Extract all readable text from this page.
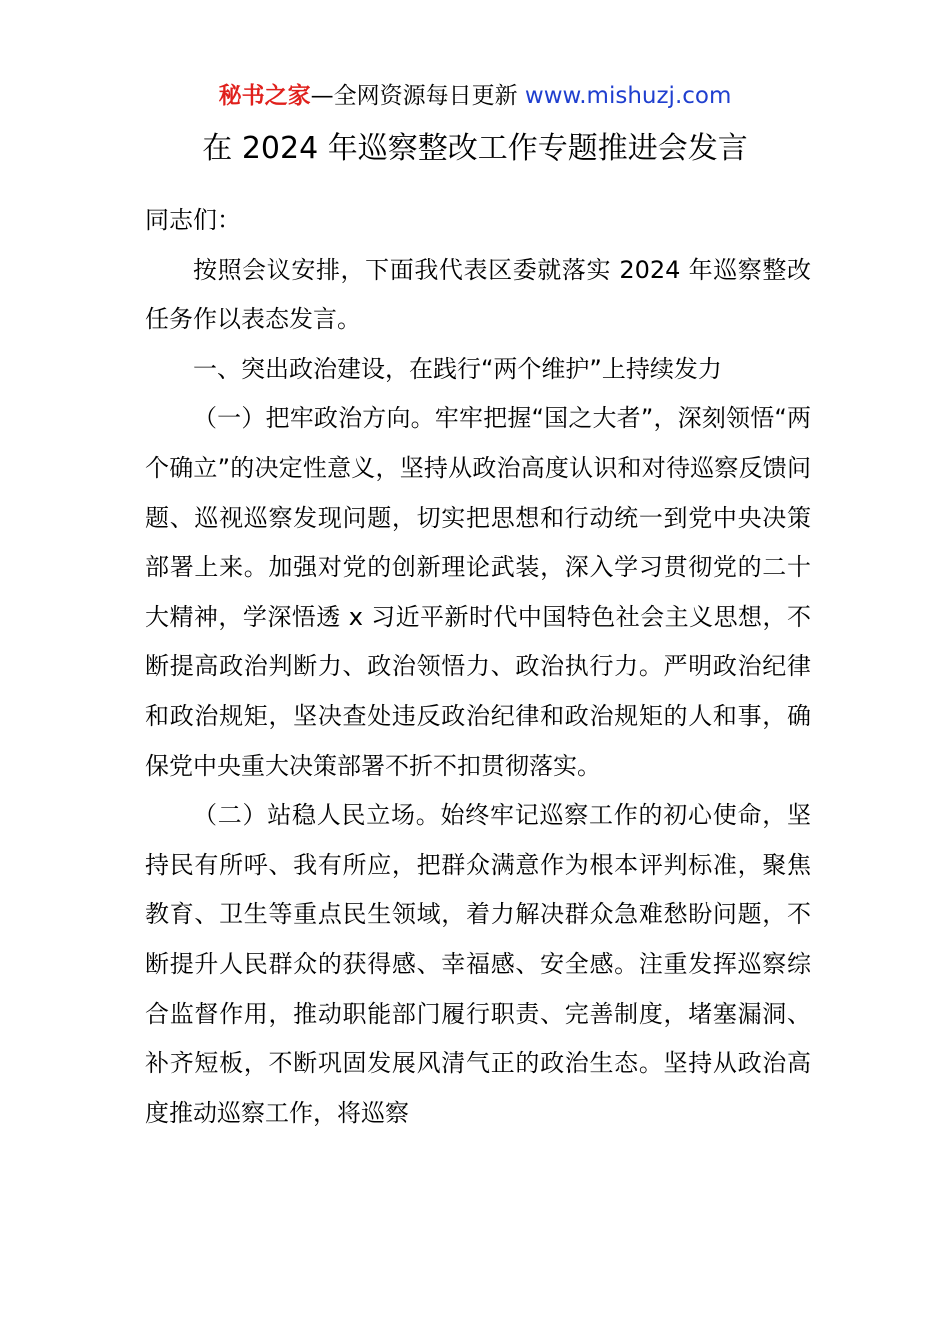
秘书之家—全网资源每日更新 www.mishuzj.com
在 2024 年巡察整改工作专题推进会发言

同志们：

按照会议安排，下面我代表区委就落实 2024 年巡察整改任务作以表态发言。

一、突出政治建设，在践行“两个维护”上持续发力

（一）把牢政治方向。牢牢把握“国之大者”，深刻领悟“两个确立”的决定性意义，坚持从政治高度认识和对待巡察反馈问题、巡视巡察发现问题，切实把思想和行动统一到党中央决策部署上来。加强对党的创新理论武装，深入学习贯彻党的二十大精神，学深悟透 x 习近平新时代中国特色社会主义思想，不断提高政治判断力、政治领悟力、政治执行力。严明政治纪律和政治规矩，坚决查处违反政治纪律和政治规矩的人和事，确保党中央重大决策部署不折不扣贯彻落实。

（二）站稳人民立场。始终牢记巡察工作的初心使命，坚持民有所呼、我有所应，把群众满意作为根本评判标准，聚焦教育、卫生等重点民生领域，着力解决群众急难愁盼问题，不断提升人民群众的获得感、幸福感、安全感。注重发挥巡察综合监督作用，推动职能部门履行职责、完善制度，堵塞漏洞、补齐短板，不断巩固发展风清气正的政治生态。坚持从政治高度推动巡察工作，将巡察
